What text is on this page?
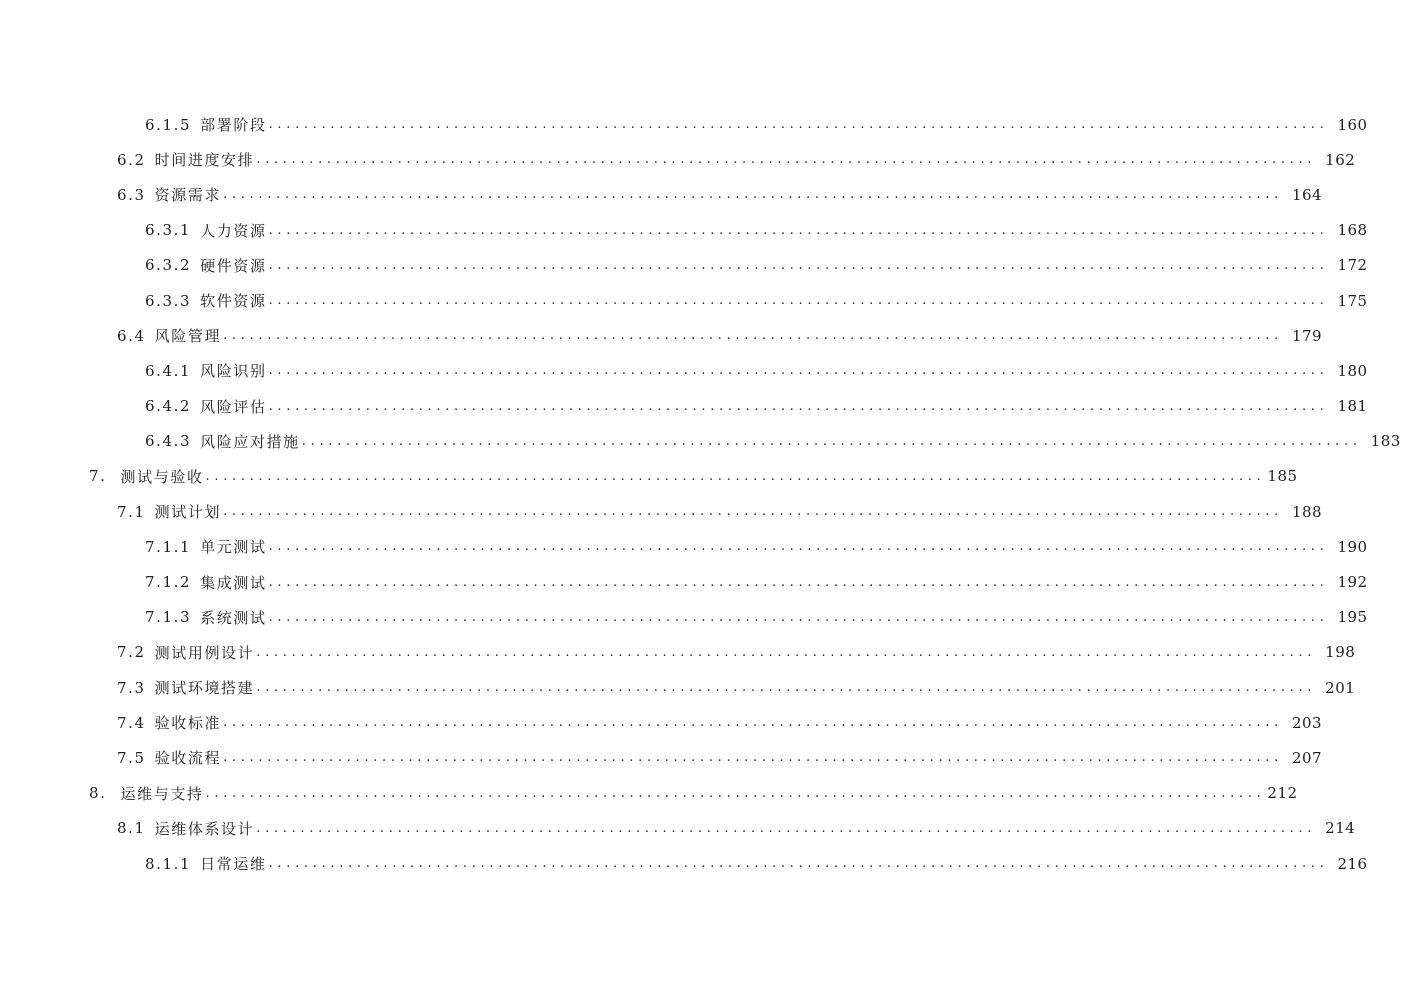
6.1.5 部署阶段 ........................................................................................................................ 160
6.2 时间进度安排 ........................................................................................................................ 162
6.3 资源需求 ........................................................................................................................ 164
6.3.1 人力资源 ........................................................................................................................ 168
6.3.2 硬件资源 ........................................................................................................................ 172
6.3.3 软件资源 ........................................................................................................................ 175
6.4 风险管理 ........................................................................................................................ 179
6.4.1 风险识别 ........................................................................................................................ 180
6.4.2 风险评估 ........................................................................................................................ 181
6.4.3 风险应对措施 ........................................................................................................................ 183
7. 测试与验收 ........................................................................................................................ 185
7.1 测试计划 ........................................................................................................................ 188
7.1.1 单元测试 ........................................................................................................................ 190
7.1.2 集成测试 ........................................................................................................................ 192
7.1.3 系统测试 ........................................................................................................................ 195
7.2 测试用例设计 ........................................................................................................................ 198
7.3 测试环境搭建 ........................................................................................................................ 201
7.4 验收标准 ........................................................................................................................ 203
7.5 验收流程 ........................................................................................................................ 207
8. 运维与支持 ........................................................................................................................ 212
8.1 运维体系设计 ........................................................................................................................ 214
8.1.1 日常运维 ........................................................................................................................ 216
